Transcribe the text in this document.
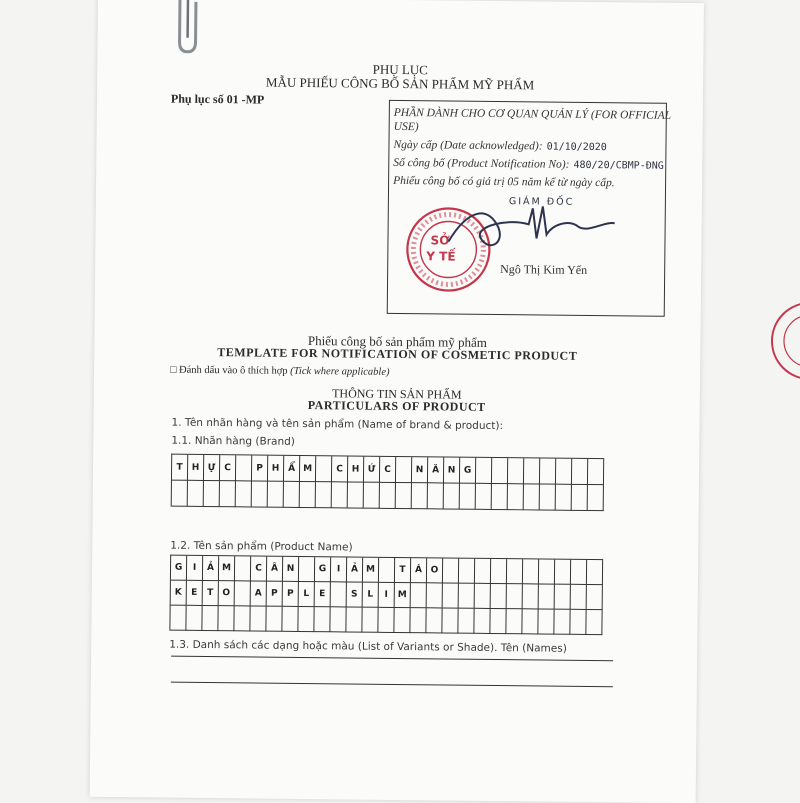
PHỤ LỤC
MẪU PHIẾU CÔNG BỐ SẢN PHẨM MỸ PHẨM
Phụ lục số 01 -MP
PHẦN DÀNH CHO CƠ QUAN QUẢN LÝ (FOR OFFICIAL
USE)
Ngày cấp (Date acknowledged): 01/10/2020
Số công bố (Product Notification No): 480/20/CBMP-ĐNG
Phiếu công bố có giá trị 05 năm kể từ ngày cấp.
GIÁM ĐỐC
SỞ
Y TẾ
Ngô Thị Kim Yến
Phiếu công bố sản phẩm mỹ phẩm
TEMPLATE FOR NOTIFICATION OF COSMETIC PRODUCT
□ Đánh dấu vào ô thích hợp (Tick where applicable)
THÔNG TIN SẢN PHẨM
PARTICULARS OF PRODUCT
1. Tên nhãn hàng và tên sản phẩm (Name of brand & product):
1.1. Nhãn hàng (Brand)
T	H Ự C	P H Ẩ M	C H Ứ C	N Ă N G
1.2. Tên sản phẩm (Product Name)
G	I	Ả M	C	Â N	G	I	Ả M	T	Á O
K	E	T	O	A	P	P	L	E	S	L	I	M
1.3. Danh sách các dạng hoặc màu (List of Variants or Shade). Tên (Names)
